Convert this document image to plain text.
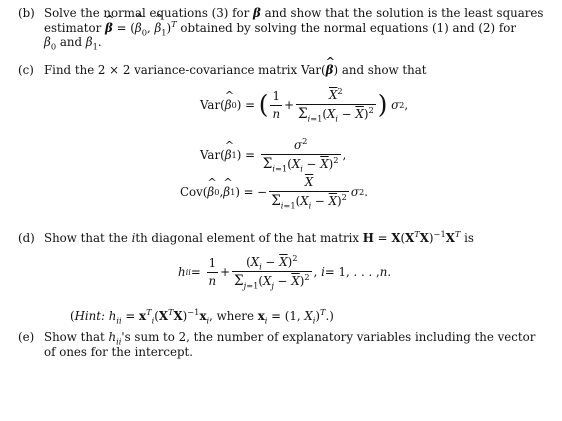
(b) Solve the normal equations (3) for β and show that the solution is the least squares
estimator ^ β = (^ $\beta_0$, ^ $\beta_1)^T$ obtained by solving the normal equations (1) and (2) for
$\beta_0$ and $\beta_1$.
(c) Find the 2 × 2 variance-covariance matrix Var(^ β) and show that
Var( ^ β 0 ) = ( $\frac{1}{n} + \frac{\overline{X}^2}{\Sigma_{i=1}(X_i - \overline{X})^2}$ )
σ 2 ,
Var( ^ β 1 ) = $\frac{\sigma^2}{\Sigma_{i=1}(X_i - \overline{X})^2}$ ,
Cov( ^ β 0 , ^ β 1 ) = − $\frac{\overline{X}}{\Sigma_{i=1}(X_i - \overline{X})^2}$ σ 2 .
(d) Show that the ith diagonal element of the hat matrix $H = X(X^TX)^{-1}X^T$ is
h ii = $\frac{1}{n} + \frac{(X_i - \overline{X})^2}{\Sigma_{j=1}(X_j - \overline{X})^2}$ , i = 1, . . . , n .
(Hint: $h_{ii} = x^T_i(X^TX)^{-1}x_i$, where $x_i = (1$, $X_i)^T$.)
(e) Show that $h_{ii}'s$ sum to 2, the number of explanatory variables including the vector
of ones for the intercept.
